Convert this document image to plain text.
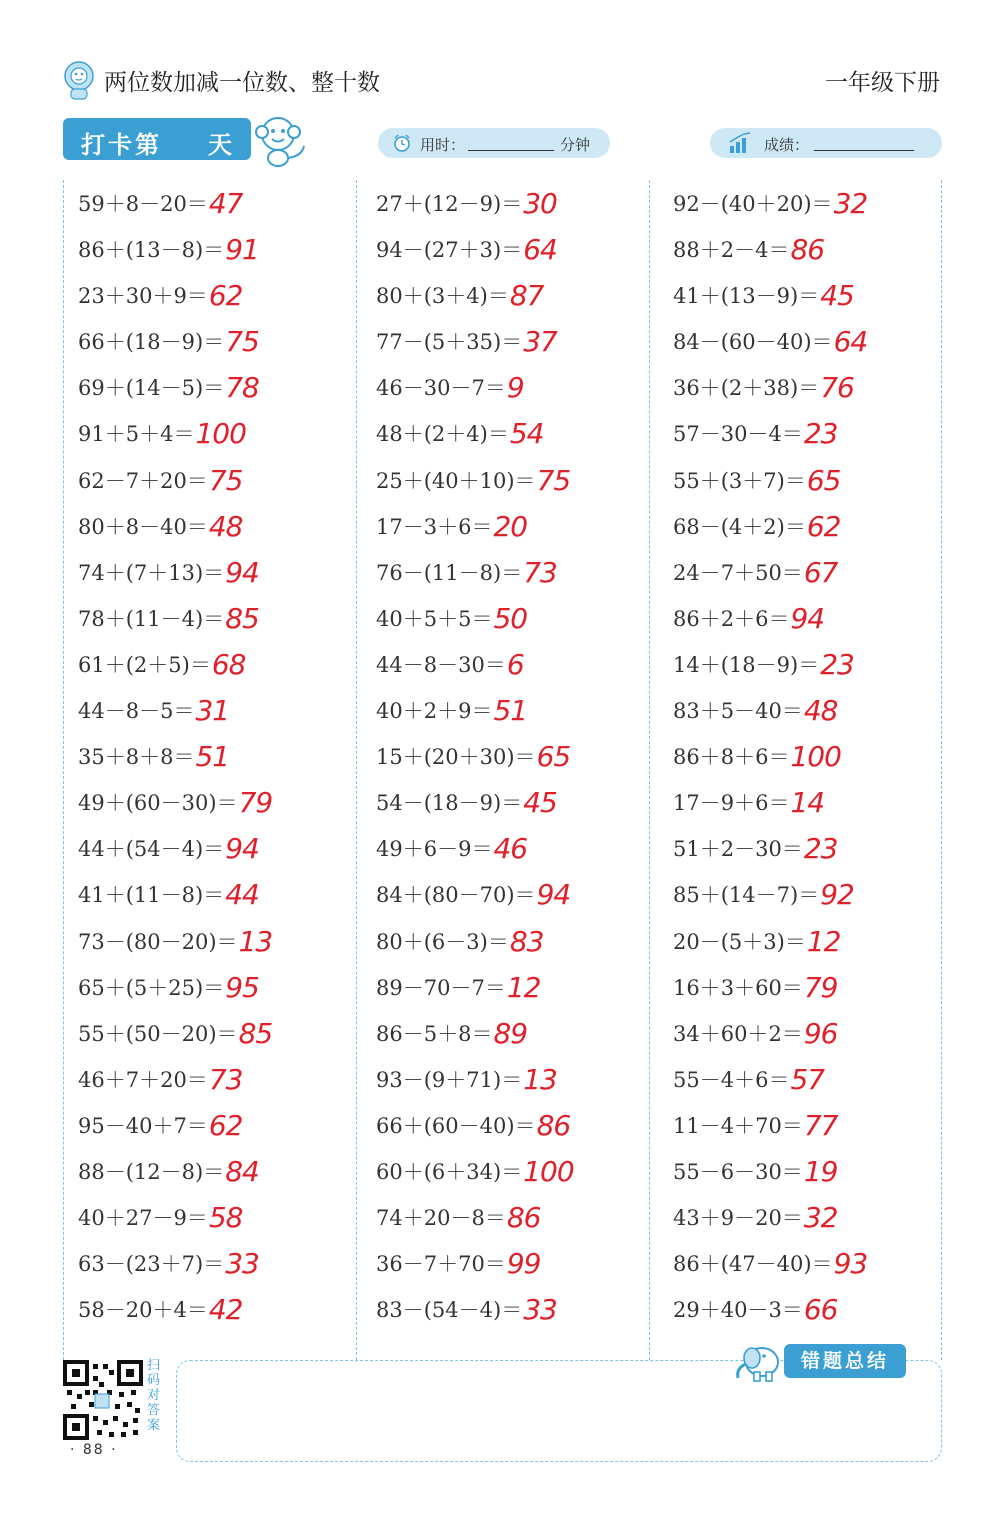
两位数加减一位数、整十数	一年级下册
打卡第 天	用时：	分钟	成绩：
59＋8－20＝47
86＋(13－8)＝91
23＋30＋9＝62
66＋(18－9)＝75
69＋(14－5)＝78
91＋5＋4＝100
62－7＋20＝75
80＋8－40＝48
74＋(7＋13)＝94
78＋(11－4)＝85
61＋(2＋5)＝68
44－8－5＝31
35＋8＋8＝51
49＋(60－30)＝79
44＋(54－4)＝94
41＋(11－8)＝44
73－(80－20)＝13
65＋(5＋25)＝95
55＋(50－20)＝85
46＋7＋20＝73
95－40＋7＝62
88－(12－8)＝84
40＋27－9＝58
63－(23＋7)＝33
58－20＋4＝42
27＋(12－9)＝30
94－(27＋3)＝64
80＋(3＋4)＝87
77－(5＋35)＝37
46－30－7＝9
48＋(2＋4)＝54
25＋(40＋10)＝75
17－3＋6＝20
76－(11－8)＝73
40＋5＋5＝50
44－8－30＝6
40＋2＋9＝51
15＋(20＋30)＝65
54－(18－9)＝45
49＋6－9＝46
84＋(80－70)＝94
80＋(6－3)＝83
89－70－7＝12
86－5＋8＝89
93－(9＋71)＝13
66＋(60－40)＝86
60＋(6＋34)＝100
74＋20－8＝86
36－7＋70＝99
83－(54－4)＝33
92－(40＋20)＝32
88＋2－4＝86
41＋(13－9)＝45
84－(60－40)＝64
36＋(2＋38)＝76
57－30－4＝23
55＋(3＋7)＝65
68－(4＋2)＝62
24－7＋50＝67
86＋2＋6＝94
14＋(18－9)＝23
83＋5－40＝48
86＋8＋6＝100
17－9＋6＝14
51＋2－30＝23
85＋(14－7)＝92
20－(5＋3)＝12
16＋3＋60＝79
34＋60＋2＝96
55－4＋6＝57
11－4＋70＝77
55－6－30＝19
43＋9－20＝32
86＋(47－40)＝93
29＋40－3＝66
扫码对答案
· 88 ·
错题总结
